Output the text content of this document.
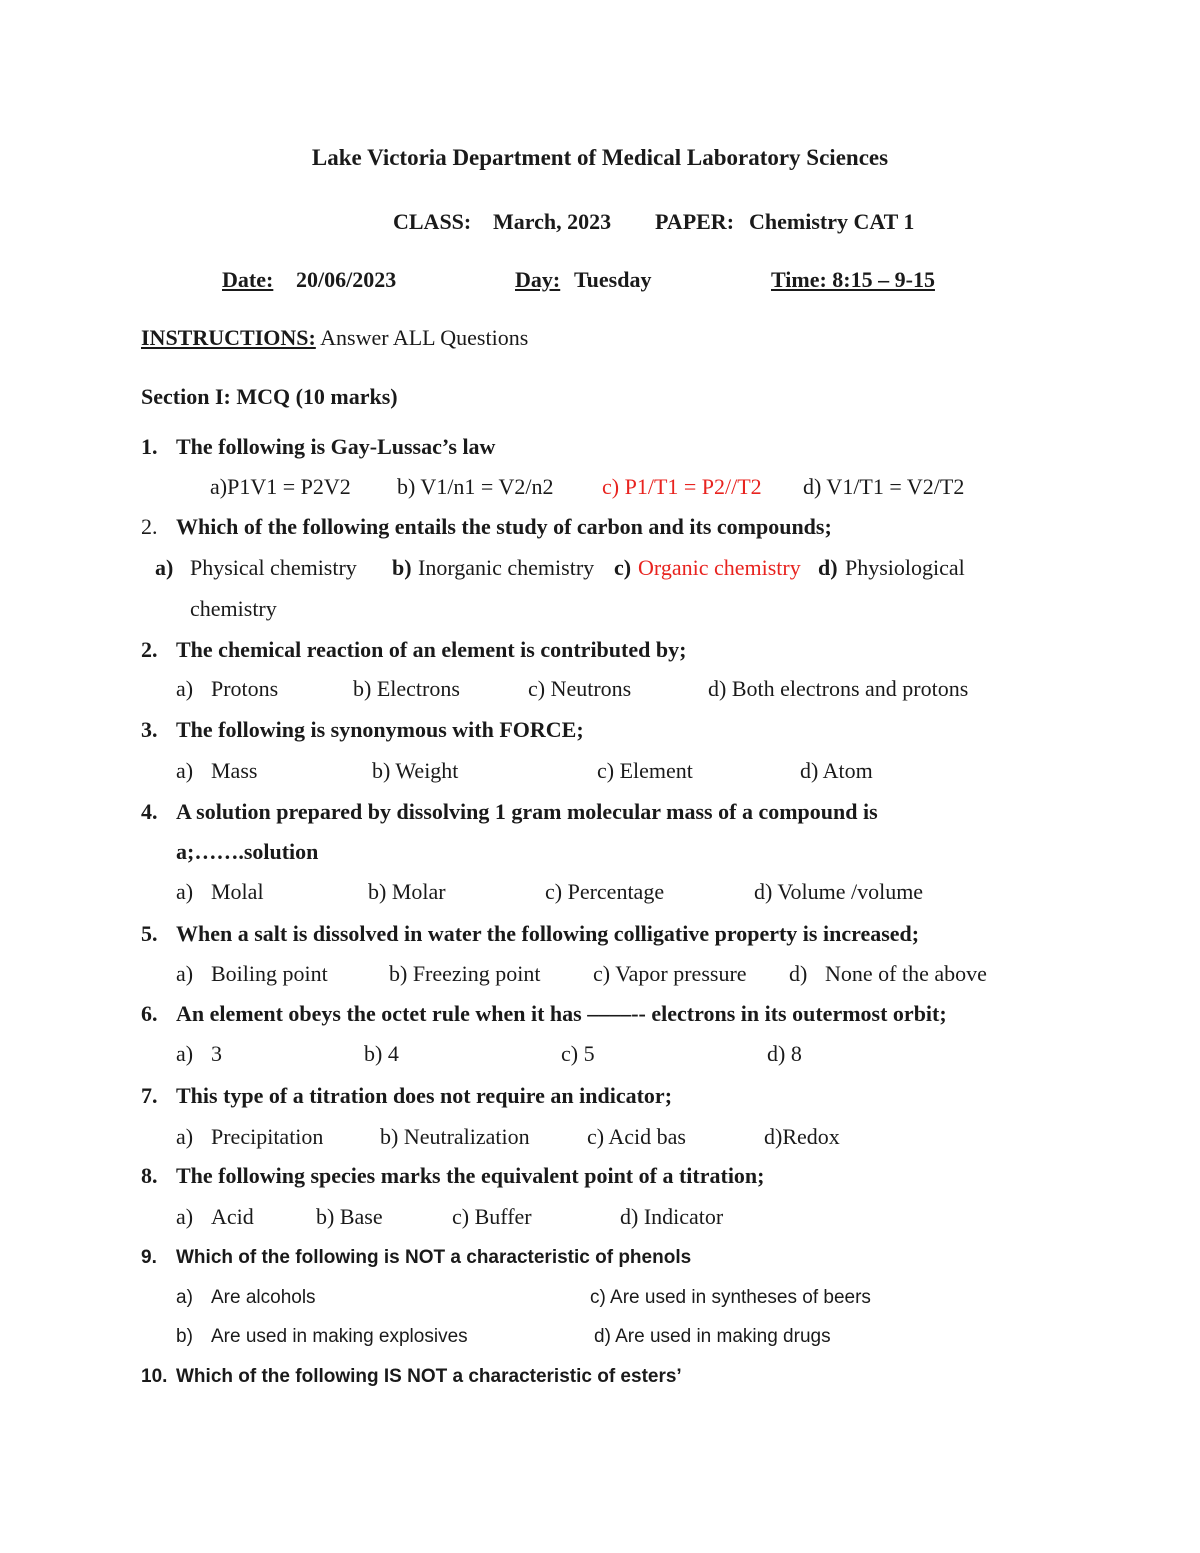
Lake Victoria Department of Medical Laboratory Sciences
CLASS: March, 2023 PAPER: Chemistry CAT 1
Date: 20/06/2023	Day: Tuesday	Time: 8:15 – 9-15
INSTRUCTIONS: Answer ALL Questions
Section I: MCQ (10 marks)
1. The following is Gay-Lussac’s law
a)P1V1 = P2V2 b) V1/n1 = V2/n2 c) P1/T1 = P2//T2 d) V1/T1 = V2/T2
2. Which of the following entails the study of carbon and its compounds;
a) Physical chemistry b) Inorganic chemistry c) Organic chemistry d) Physiological
chemistry
2. The chemical reaction of an element is contributed by;
a) Protons	b) Electrons	c) Neutrons	d) Both electrons and protons
3. The following is synonymous with FORCE;
a) Mass	b) Weight	c) Element	d) Atom
4. A solution prepared by dissolving 1 gram molecular mass of a compound is
a;…….solution
a) Molal	b) Molar	c) Percentage	d) Volume /volume
5. When a salt is dissolved in water the following colligative property is increased;
a) Boiling point	b) Freezing point c) Vapor pressure d) None of the above
6. An element obeys the octet rule when it has ––––-- electrons in its outermost orbit;
a) 3	b) 4	c) 5	d) 8
7. This type of a titration does not require an indicator;
a) Precipitation	b) Neutralization	c) Acid bas	d)Redox
8. The following species marks the equivalent point of a titration;
a) Acid	b) Base	c) Buffer	d) Indicator
9. Which of the following is NOT a characteristic of phenols
a) Are alcohols	c) Are used in syntheses of beers
b) Are used in making explosives	d) Are used in making drugs
10. Which of the following IS NOT a characteristic of esters’
